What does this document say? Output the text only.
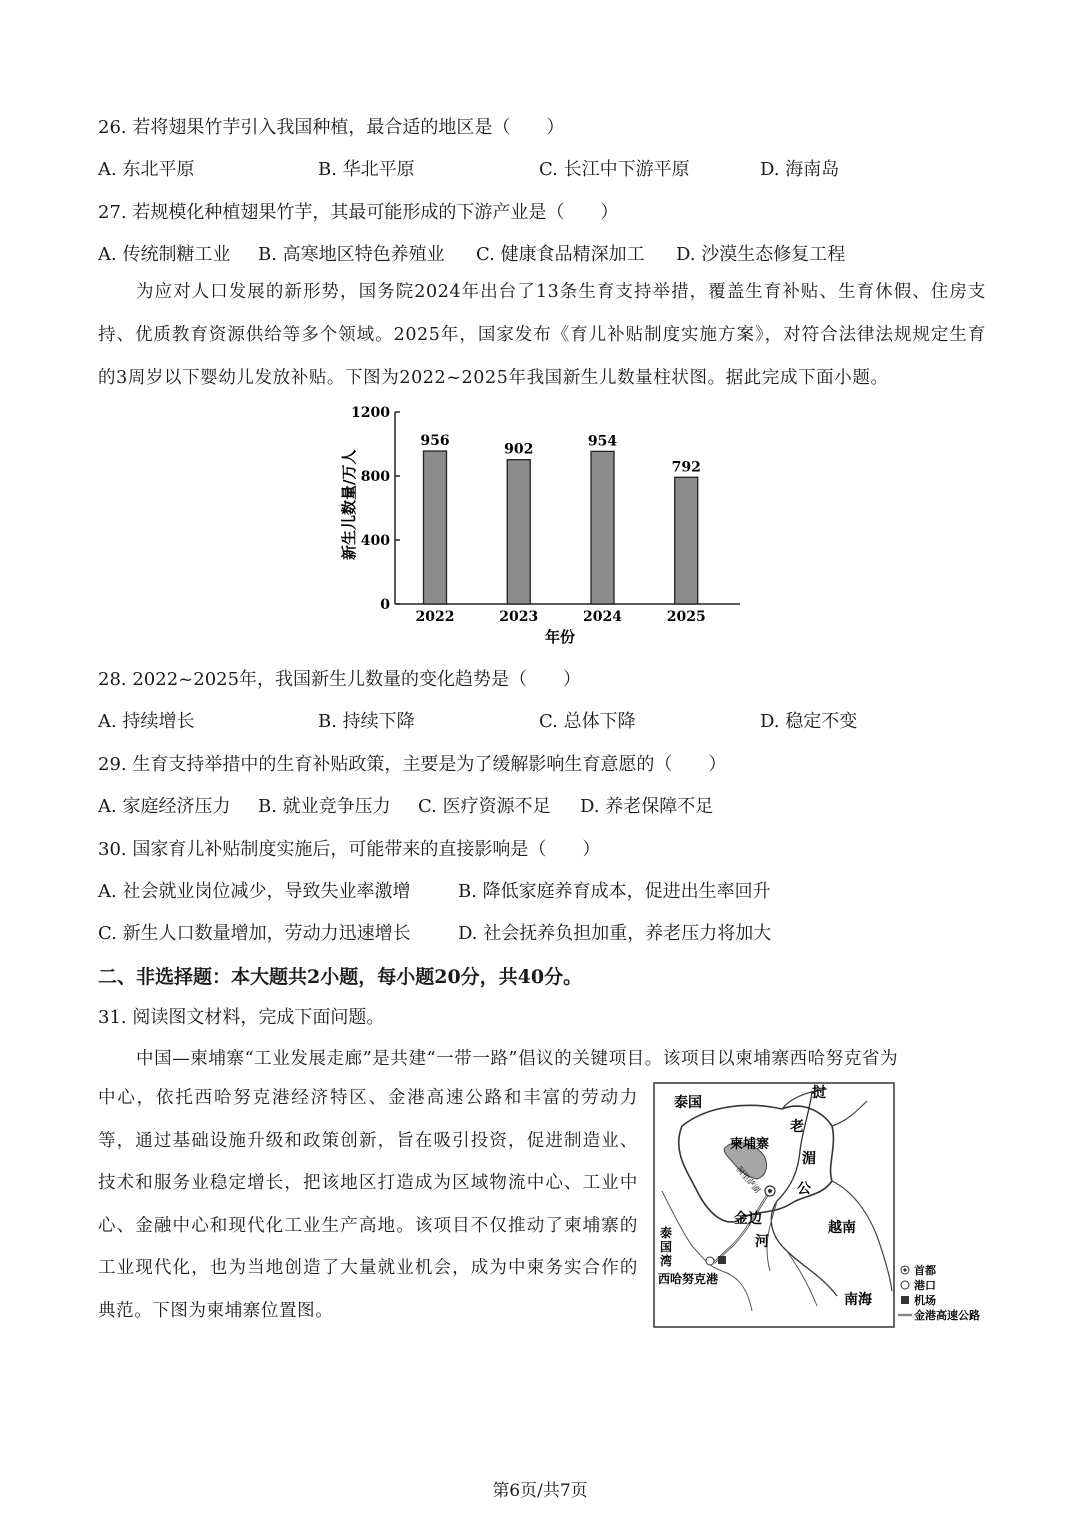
26. 若将翅果竹芋引入我国种植，最合适的地区是（　　）
A. 东北平原	B. 华北平原	C. 长江中下游平原	D. 海南岛
27. 若规模化种植翅果竹芋，其最可能形成的下游产业是（　　）
A. 传统制糖工业 B. 高寒地区特色养殖业 C. 健康食品精深加工 D. 沙漠生态修复工程
为应对人口发展的新形势，国务院2024年出台了13条生育支持举措，覆盖生育补贴、生育休假、住房支持、优质教育资源供给等多个领域。2025年，国家发布《育儿补贴制度实施方案》，对符合法律法规规定生育的3周岁以下婴幼儿发放补贴。下图为2022~2025年我国新生儿数量柱状图。据此完成下面小题。
新生儿数量/万人
0
400
800
1200
956
902
954
792
2022	2023	2024	2025
年份
28. 2022~2025年，我国新生儿数量的变化趋势是（　　）
A. 持续增长	B. 持续下降	C. 总体下降	D. 稳定不变
29. 生育支持举措中的生育补贴政策，主要是为了缓解影响生育意愿的（　　）
A. 家庭经济压力 B. 就业竞争压力 C. 医疗资源不足 D. 养老保障不足
30. 国家育儿补贴制度实施后，可能带来的直接影响是（　　）
A. 社会就业岗位减少，导致失业率激增	B. 降低家庭养育成本，促进出生率回升
C. 新生人口数量增加，劳动力迅速增长	D. 社会抚养负担加重，养老压力将加大
二、非选择题：本大题共2小题，每小题20分，共40分。
31. 阅读图文材料，完成下面问题。
中国—柬埔寨“工业发展走廊”是共建“一带一路”倡议的关键项目。该项目以柬埔寨西哈努克省为
中心，依托西哈努克港经济特区、金港高速公路和丰富的劳动力等，通过基础设施升级和政策创新，旨在吸引投资，促进制造业、技术和服务业稳定增长，把该地区打造成为区域物流中心、工业中心、金融中心和现代化工业生产高地。该项目不仅推动了柬埔寨的工业现代化，也为当地创造了大量就业机会，成为中柬务实合作的典范。下图为柬埔寨位置图。
泰国
老
挝
湄
公
河
柬埔寨
洞里萨湖
金边
越南
泰
国
湾
西哈努克港
南海
首都
港口
机场
金港高速公路
第6页/共7页
